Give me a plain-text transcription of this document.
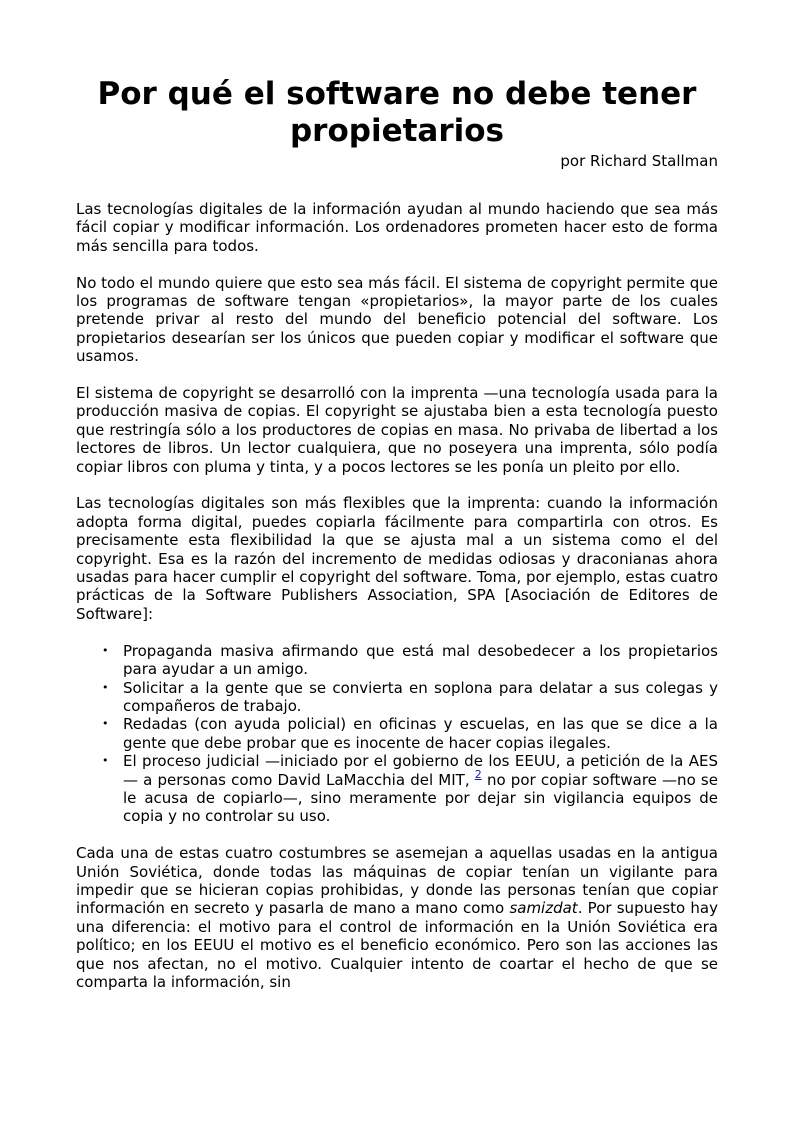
Por qué el software no debe tener propietarios
por Richard Stallman

Las tecnologías digitales de la información ayudan al mundo haciendo que sea más fácil copiar y modificar información. Los ordenadores prometen hacer esto de forma más sencilla para todos.

No todo el mundo quiere que esto sea más fácil. El sistema de copyright permite que los programas de software tengan «propietarios», la mayor parte de los cuales pretende privar al resto del mundo del beneficio potencial del software. Los propietarios desearían ser los únicos que pueden copiar y modificar el software que usamos.

El sistema de copyright se desarrolló con la imprenta —una tecnología usada para la producción masiva de copias. El copyright se ajustaba bien a esta tecnología puesto que restringía sólo a los productores de copias en masa. No privaba de libertad a los lectores de libros. Un lector cualquiera, que no poseyera una imprenta, sólo podía copiar libros con pluma y tinta, y a pocos lectores se les ponía un pleito por ello.

Las tecnologías digitales son más flexibles que la imprenta: cuando la información adopta forma digital, puedes copiarla fácilmente para compartirla con otros. Es precisamente esta flexibilidad la que se ajusta mal a un sistema como el del copyright. Esa es la razón del incremento de medidas odiosas y draconianas ahora usadas para hacer cumplir el copyright del software. Toma, por ejemplo, estas cuatro prácticas de la Software Publishers Association, SPA [Asociación de Editores de Software]:

• Propaganda masiva afirmando que está mal desobedecer a los propietarios para ayudar a un amigo.
• Solicitar a la gente que se convierta en soplona para delatar a sus colegas y compañeros de trabajo.
• Redadas (con ayuda policial) en oficinas y escuelas, en las que se dice a la gente que debe probar que es inocente de hacer copias ilegales.
• El proceso judicial —iniciado por el gobierno de los EEUU, a petición de la AES— a personas como David LaMacchia del MIT, $^2$ no por copiar software —no se le acusa de copiarlo—, sino meramente por dejar sin vigilancia equipos de copia y no controlar su uso.

Cada una de estas cuatro costumbres se asemejan a aquellas usadas en la antigua Unión Soviética, donde todas las máquinas de copiar tenían un vigilante para impedir que se hicieran copias prohibidas, y donde las personas tenían que copiar información en secreto y pasarla de mano a mano como samizdat. Por supuesto hay una diferencia: el motivo para el control de información en la Unión Soviética era político; en los EEUU el motivo es el beneficio económico. Pero son las acciones las que nos afectan, no el motivo. Cualquier intento de coartar el hecho de que se comparta la información, sin
